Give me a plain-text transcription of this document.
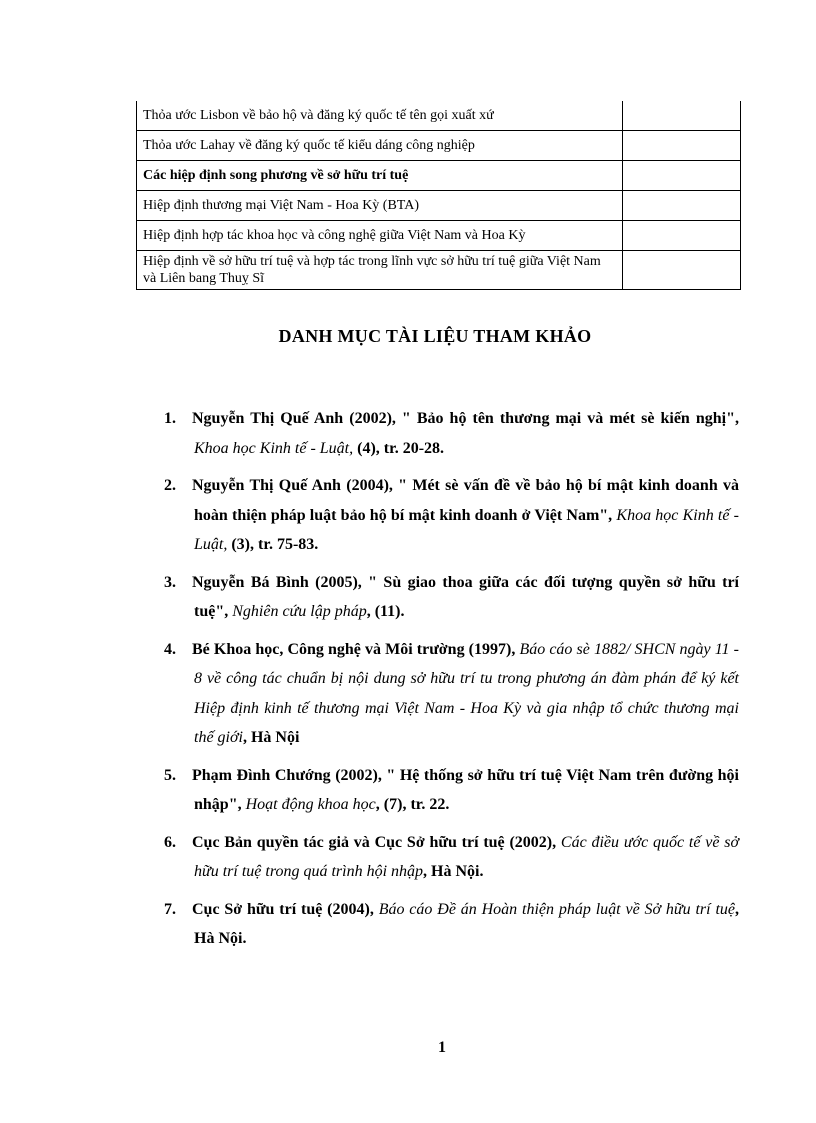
Thỏa ước Lisbon về bảo hộ và đăng ký quốc tế tên gọi xuất xứ	
Thỏa ước Lahay về đăng ký quốc tế kiểu dáng công nghiệp	
Các hiệp định song phương về sở hữu trí tuệ	
Hiệp định thương mại Việt Nam - Hoa Kỳ (BTA)	
Hiệp định hợp tác khoa học và công nghệ giữa Việt Nam và Hoa Kỳ	
Hiệp định về sở hữu trí tuệ và hợp tác trong lĩnh vực sở hữu trí tuệ giữa Việt Nam và Liên bang Thuỵ Sĩ	
DANH MỤC TÀI LIỆU THAM KHẢO
1. Nguyễn Thị Quế Anh (2002), " Bảo hộ tên thương mại và mét sè kiến nghị", Khoa học Kinh tế - Luật, (4), tr. 20-28.
2. Nguyễn Thị Quế Anh (2004), " Mét sè vấn đề về bảo hộ bí mật kinh doanh và hoàn thiện pháp luật bảo hộ bí mật kinh doanh ở Việt Nam", Khoa học Kinh tế - Luật, (3), tr. 75-83.
3. Nguyễn Bá Bình (2005), " Sù giao thoa giữa các đối tượng quyền sở hữu trí tuệ", Nghiên cứu lập pháp, (11).
4. Bé Khoa học, Công nghệ và Môi trường (1997), Báo cáo sè 1882/ SHCN ngày 11 - 8 về công tác chuẩn bị nội dung sở hữu trí tu trong phương án đàm phán để ký kết Hiệp định kinh tế thương mại Việt Nam - Hoa Kỳ và gia nhập tổ chức thương mại thế giới, Hà Nội
5. Phạm Đình Chướng (2002), " Hệ thống sở hữu trí tuệ Việt Nam trên đường hội nhập", Hoạt động khoa học, (7), tr. 22.
6. Cục Bản quyền tác giả và Cục Sở hữu trí tuệ (2002), Các điều ước quốc tế về sở hữu trí tuệ trong quá trình hội nhập, Hà Nội.
7. Cục Sở hữu trí tuệ (2004), Báo cáo Đề án Hoàn thiện pháp luật về Sở hữu trí tuệ, Hà Nội.
1
